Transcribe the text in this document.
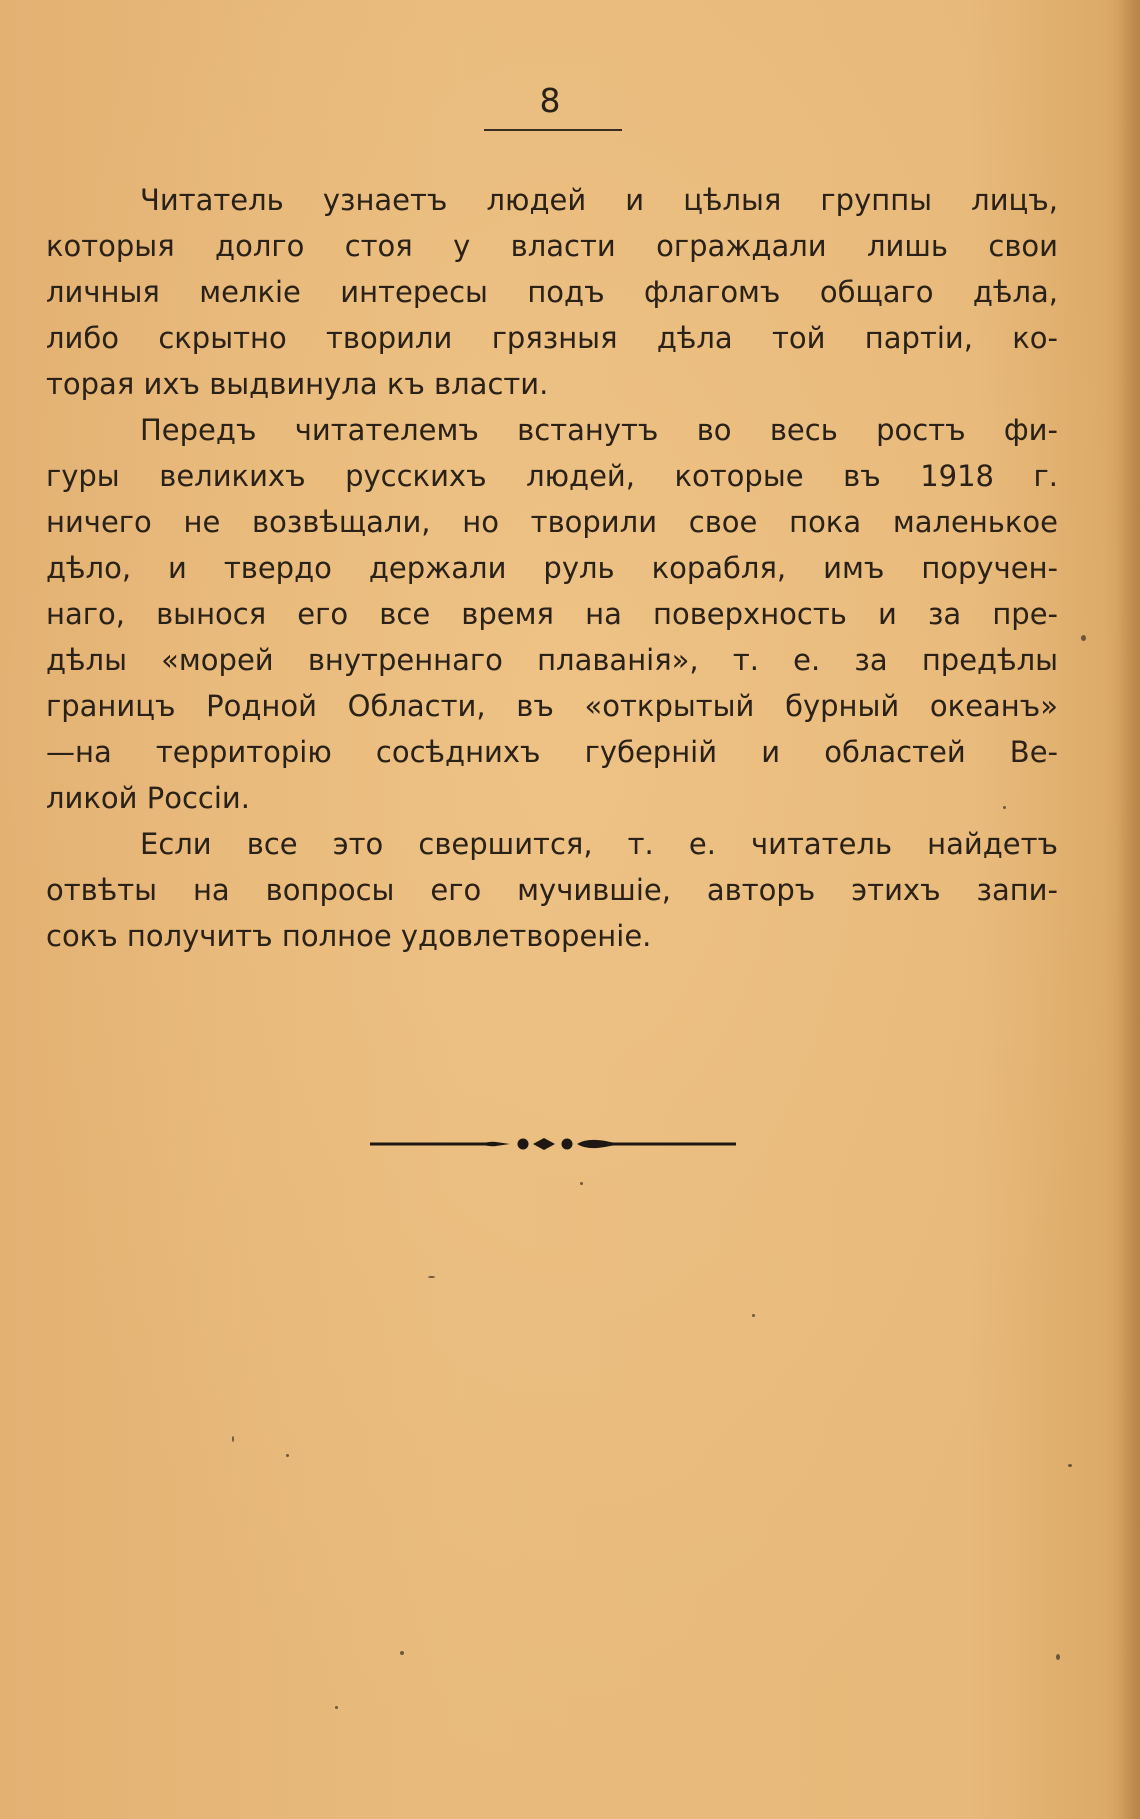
8

Читатель узнаетъ людей и цѣлыя группы лицъ,
которыя долго стоя у власти ограждали лишь свои
личныя мелкіе интересы подъ флагомъ общаго дѣла,
либо скрытно творили грязныя дѣла той партіи, ко-
торая ихъ выдвинула къ власти.

Передъ читателемъ встанутъ во весь ростъ фи-
гуры великихъ русскихъ людей, которые въ 1918 г.
ничего не возвѣщали, но творили свое пока маленькое
дѣло, и твердо держали руль корабля, имъ поручен-
наго, вынося его все время на поверхность и за пре-
дѣлы «морей внутреннаго плаванія», т. е. за предѣлы
границъ Родной Области, въ «открытый бурный океанъ»
—на территорію сосѣднихъ губерній и областей Ве-
ликой Россіи.

Если все это свершится, т. е. читатель найдетъ
отвѣты на вопросы его мучившіе, авторъ этихъ запи-
сокъ получитъ полное удовлетвореніе.
